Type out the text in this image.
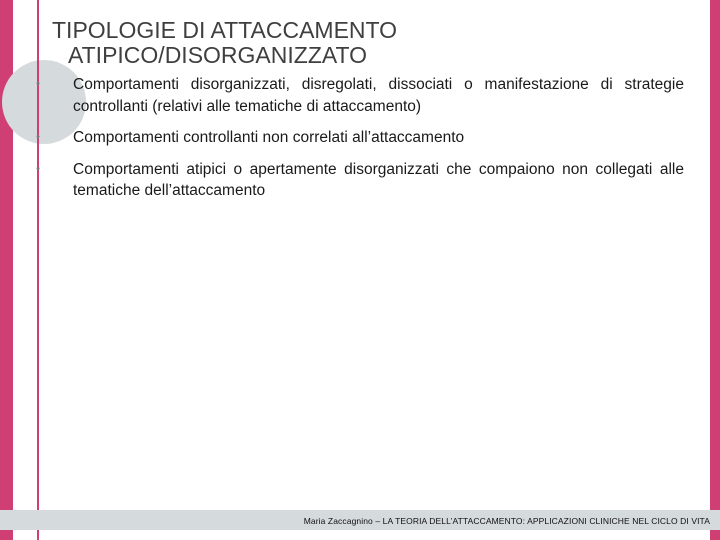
TIPOLOGIE DI ATTACCAMENTO
ATIPICO/DISORGANIZZATO
•	Comportamenti disorganizzati, disregolati, dissociati o manifestazione di strategie controllanti (relativi alle tematiche di attaccamento)
•	Comportamenti controllanti non correlati all’attaccamento
•	Comportamenti atipici o apertamente disorganizzati che compaiono non collegati alle tematiche dell’attaccamento
Maria Zaccagnino – LA TEORIA DELL’ATTACCAMENTO: APPLICAZIONI CLINICHE NEL CICLO DI VITA
